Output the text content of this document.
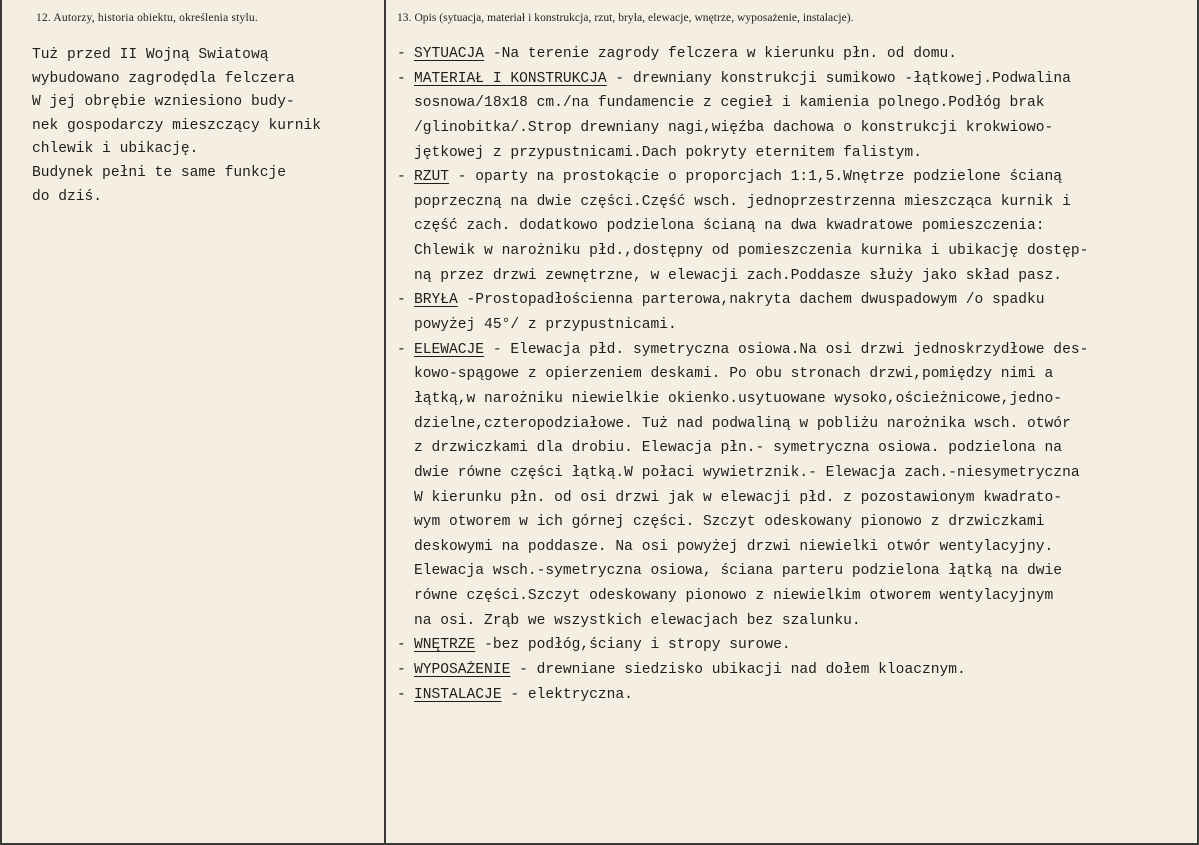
12. Autorzy, historia obiektu, określenia stylu.	13. Opis (sytuacja, materiał i konstrukcja, rzut, bryła, elewacje, wnętrze, wyposażenie, instalacje).
Tuż przed II Wojną Swiatową
wybudowano zagrodędla felczera
W jej obrębie wzniesiono budy-
nek gospodarczy mieszczący kurnik
chlewik i ubikację.
Budynek pełni te same funkcje
do dziś.
- SYTUACJA -Na terenie zagrody felczera w kierunku płn. od domu.
- MATERIAŁ I KONSTRUKCJA - drewniany konstrukcji sumikowo -łątkowej.Podwalina
sosnowa/18x18 cm./na fundamencie z cegieł i kamienia polnego.Podłóg brak
/glinobitka/.Strop drewniany nagi,więźba dachowa o konstrukcji krokwiowo-
jętkowej z przypustnicami.Dach pokryty eternitem falistym.
- RZUT - oparty na prostokącie o proporcjach 1:1,5.Wnętrze podzielone ścianą
poprzeczną na dwie części.Część wsch. jednoprzestrzenna mieszcząca kurnik i
część zach. dodatkowo podzielona ścianą na dwa kwadratowe pomieszczenia:
Chlewik w narożniku płd.,dostępny od pomieszczenia kurnika i ubikację dostęp-
ną przez drzwi zewnętrzne, w elewacji zach.Poddasze służy jako skład pasz.
- BRYŁA -Prostopadłościenna parterowa,nakryta dachem dwuspadowym /o spadku
powyżej 45°/ z przypustnicami.
- ELEWACJE - Elewacja płd. symetryczna osiowa.Na osi drzwi jednoskrzydłowe des-
kowo-spągowe z opierzeniem deskami. Po obu stronach drzwi,pomiędzy nimi a
łątką,w narożniku niewielkie okienko.usytuowane wysoko,ościeżnicowe,jedno-
dzielne,czteropodziałowe. Tuż nad podwaliną w pobliżu narożnika wsch. otwór
z drzwiczkami dla drobiu. Elewacja płn.- symetryczna osiowa. podzielona na
dwie równe części łątką.W połaci wywietrznik.- Elewacja zach.-niesymetryczna
W kierunku płn. od osi drzwi jak w elewacji płd. z pozostawionym kwadrato-
wym otworem w ich górnej części. Szczyt odeskowany pionowo z drzwiczkami
deskowymi na poddasze. Na osi powyżej drzwi niewielki otwór wentylacyjny.
Elewacja wsch.-symetryczna osiowa, ściana parteru podzielona łątką na dwie
równe części.Szczyt odeskowany pionowo z niewielkim otworem wentylacyjnym
na osi. Zrąb we wszystkich elewacjach bez szalunku.
- WNĘTRZE -bez podłóg,ściany i stropy surowe.
- WYPOSAŻENIE - drewniane siedzisko ubikacji nad dołem kloacznym.
- INSTALACJE - elektryczna.
